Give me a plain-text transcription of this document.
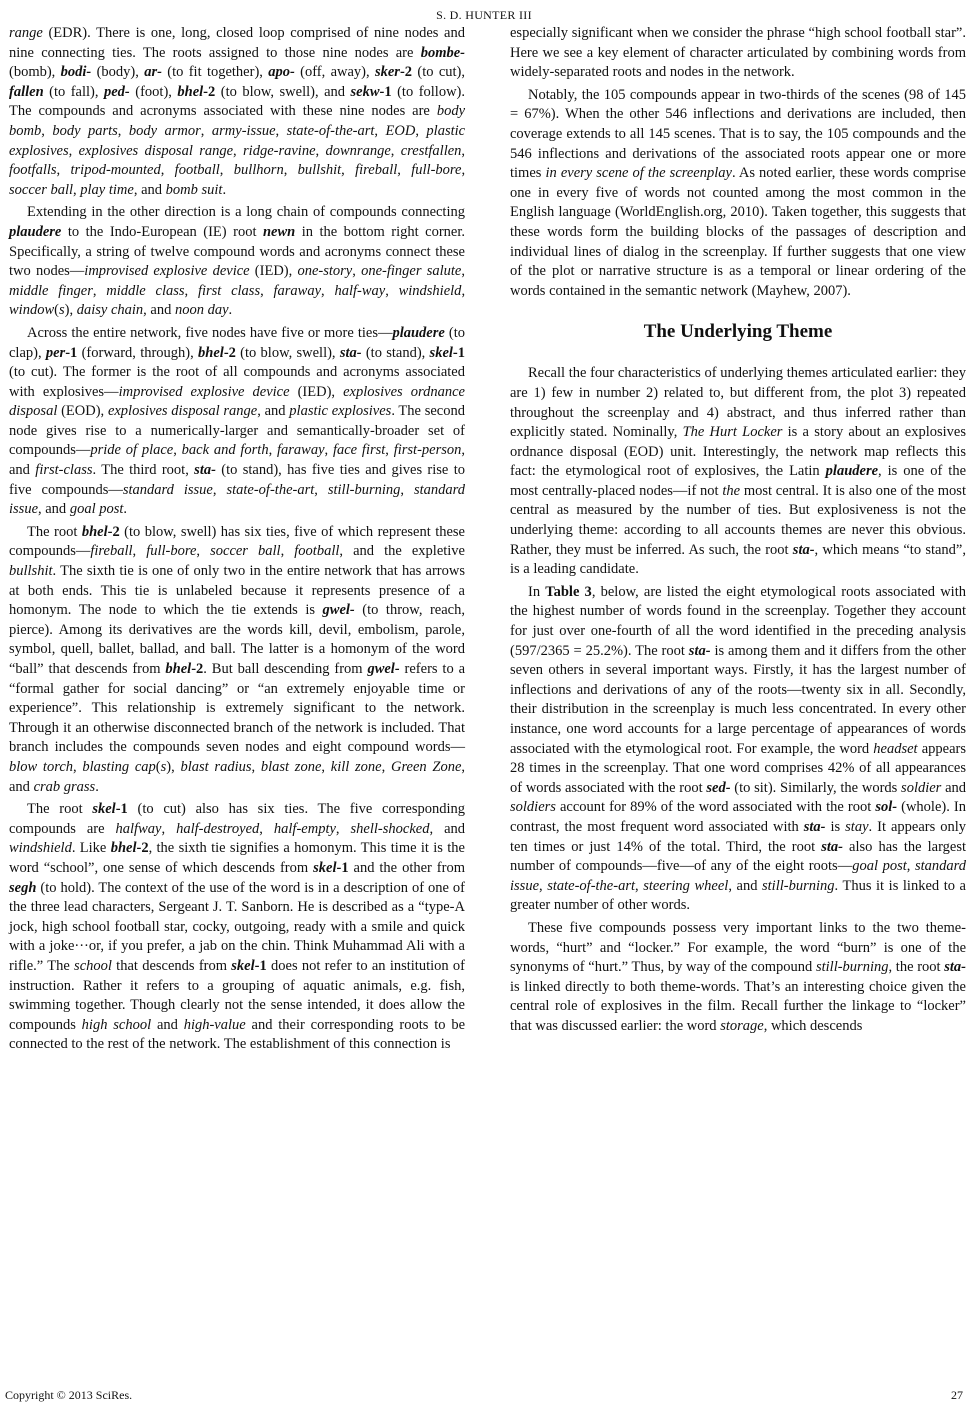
S. D. HUNTER III

range (EDR). There is one, long, closed loop comprised of nine nodes and nine connecting ties. The roots assigned to those nine nodes are bombe- (bomb), bodi- (body), ar- (to fit together), apo- (off, away), sker-2 (to cut), fallen (to fall), ped- (foot), bhel-2 (to blow, swell), and sekw-1 (to follow). The compounds and acronyms associated with these nine nodes are body bomb, body parts, body armor, army-issue, state-of-the-art, EOD, plastic explosives, explosives disposal range, ridge-ravine, downrange, crestfallen, footfalls, tripod-mounted, football, bullhorn, bullshit, fireball, full-bore, soccer ball, play time, and bomb suit.

Extending in the other direction is a long chain of compounds connecting plaudere to the Indo-European (IE) root newn in the bottom right corner. Specifically, a string of twelve compound words and acronyms connect these two nodes—improvised explosive device (IED), one-story, one-finger salute, middle finger, middle class, first class, faraway, half-way, windshield, window(s), daisy chain, and noon day.

Across the entire network, five nodes have five or more ties—plaudere (to clap), per-1 (forward, through), bhel-2 (to blow, swell), sta- (to stand), skel-1 (to cut). The former is the root of all compounds and acronyms associated with explosives—improvised explosive device (IED), explosives ordnance disposal (EOD), explosives disposal range, and plastic explosives. The second node gives rise to a numerically-larger and semantically-broader set of compounds—pride of place, back and forth, faraway, face first, first-person, and first-class. The third root, sta- (to stand), has five ties and gives rise to five compounds—standard issue, state-of-the-art, still-burning, standard issue, and goal post.

The root bhel-2 (to blow, swell) has six ties, five of which represent these compounds—fireball, full-bore, soccer ball, football, and the expletive bullshit. The sixth tie is one of only two in the entire network that has arrows at both ends. This tie is unlabeled because it represents presence of a homonym. The node to which the tie extends is gwel- (to throw, reach, pierce). Among its derivatives are the words kill, devil, embolism, parole, symbol, quell, ballet, ballad, and ball. The latter is a homonym of the word “ball” that descends from bhel-2. But ball descending from gwel- refers to a “formal gather for social dancing” or “an extremely enjoyable time or experience”. This relationship is extremely significant to the network. Through it an otherwise disconnected branch of the network is included. That branch includes the compounds seven nodes and eight compound words—blow torch, blasting cap(s), blast radius, blast zone, kill zone, Green Zone, and crab grass.

The root skel-1 (to cut) also has six ties. The five corresponding compounds are halfway, half-destroyed, half-empty, shell-shocked, and windshield. Like bhel-2, the sixth tie signifies a homonym. This time it is the word “school”, one sense of which descends from skel-1 and the other from segh (to hold). The context of the use of the word is in a description of one of the three lead characters, Sergeant J. T. Sanborn. He is described as a “type-A jock, high school football star, cocky, outgoing, ready with a smile and quick with a joke···or, if you prefer, a jab on the chin. Think Muhammad Ali with a rifle.” The school that descends from skel-1 does not refer to an institution of instruction. Rather it refers to a grouping of aquatic animals, e.g. fish, swimming together. Though clearly not the sense intended, it does allow the compounds high school and high-value and their corresponding roots to be connected to the rest of the network. The establishment of this connection is

especially significant when we consider the phrase “high school football star”. Here we see a key element of character articulated by combining words from widely-separated roots and nodes in the network.

Notably, the 105 compounds appear in two-thirds of the scenes (98 of 145 = 67%). When the other 546 inflections and derivations are included, then coverage extends to all 145 scenes. That is to say, the 105 compounds and the 546 inflections and derivations of the associated roots appear one or more times in every scene of the screenplay. As noted earlier, these words comprise one in every five of words not counted among the most common in the English language (WorldEnglish.org, 2010). Taken together, this suggests that these words form the building blocks of the passages of description and individual lines of dialog in the screenplay. If further suggests that one view of the plot or narrative structure is as a temporal or linear ordering of the words contained in the semantic network (Mayhew, 2007).

The Underlying Theme

Recall the four characteristics of underlying themes articulated earlier: they are 1) few in number 2) related to, but different from, the plot 3) repeated throughout the screenplay and 4) abstract, and thus inferred rather than explicitly stated. Nominally, The Hurt Locker is a story about an explosives ordnance disposal (EOD) unit. Interestingly, the network map reflects this fact: the etymological root of explosives, the Latin plaudere, is one of the most centrally-placed nodes—if not the most central. It is also one of the most central as measured by the number of ties. But explosiveness is not the underlying theme: according to all accounts themes are never this obvious. Rather, they must be inferred. As such, the root sta-, which means “to stand”, is a leading candidate.

In Table 3, below, are listed the eight etymological roots associated with the highest number of words found in the screenplay. Together they account for just over one-fourth of all the word identified in the preceding analysis (597/2365 = 25.2%). The root sta- is among them and it differs from the other seven others in several important ways. Firstly, it has the largest number of inflections and derivations of any of the roots—twenty six in all. Secondly, their distribution in the screenplay is much less concentrated. In every other instance, one word accounts for a large percentage of appearances of words associated with the etymological root. For example, the word headset appears 28 times in the screenplay. That one word comprises 42% of all appearances of words associated with the root sed- (to sit). Similarly, the words soldier and soldiers account for 89% of the word associated with the root sol- (whole). In contrast, the most frequent word associated with sta- is stay. It appears only ten times or just 14% of the total. Third, the root sta- also has the largest number of compounds—five—of any of the eight roots—goal post, standard issue, state-of-the-art, steering wheel, and still-burning. Thus it is linked to a greater number of other words.

These five compounds possess very important links to the two theme-words, “hurt” and “locker.” For example, the word “burn” is one of the synonyms of “hurt.” Thus, by way of the compound still-burning, the root sta- is linked directly to both theme-words. That’s an interesting choice given the central role of explosives in the film. Recall further the linkage to “locker” that was discussed earlier: the word storage, which descends

Copyright © 2013 SciRes.	27
